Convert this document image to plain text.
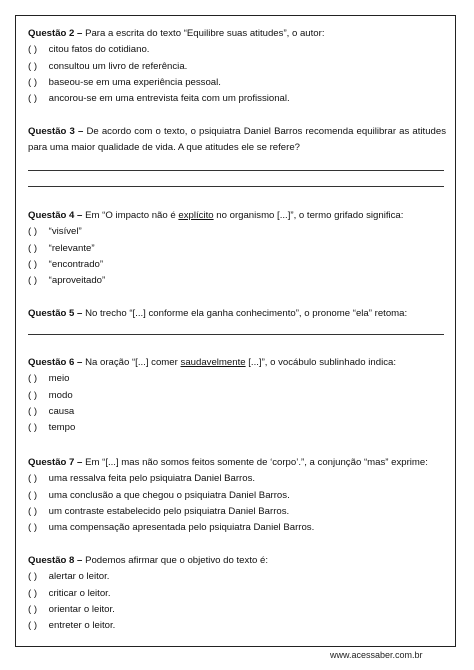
Questão 2 – Para a escrita do texto “Equilibre suas atitudes”, o autor:

( ) citou fatos do cotidiano.

( ) consultou um livro de referência.

( ) baseou-se em uma experiência pessoal.

( ) ancorou-se em uma entrevista feita com um profissional.

Questão 3 – De acordo com o texto, o psiquiatra Daniel Barros recomenda equilibrar as atitudes para uma maior qualidade de vida. A que atitudes ele se refere?

Questão 4 – Em “O impacto não é explícito no organismo [...]”, o termo grifado significa:

( ) “visível”

( ) “relevante”

( ) “encontrado”

( ) “aproveitado”

Questão 5 – No trecho “[...] conforme ela ganha conhecimento”, o pronome “ela” retoma:

Questão 6 – Na oração “[...] comer saudavelmente [...]”, o vocábulo sublinhado indica:

( ) meio

( ) modo

( ) causa

( ) tempo

Questão 7 – Em “[...] mas não somos feitos somente de ‘corpo’.”, a conjunção “mas” exprime:

( ) uma ressalva feita pelo psiquiatra Daniel Barros.

( ) uma conclusão a que chegou o psiquiatra Daniel Barros.

( ) um contraste estabelecido pelo psiquiatra Daniel Barros.

( ) uma compensação apresentada pelo psiquiatra Daniel Barros.

Questão 8 – Podemos afirmar que o objetivo do texto é:

( ) alertar o leitor.

( ) criticar o leitor.

( ) orientar o leitor.

( ) entreter o leitor.

www.acessaber.com.br
